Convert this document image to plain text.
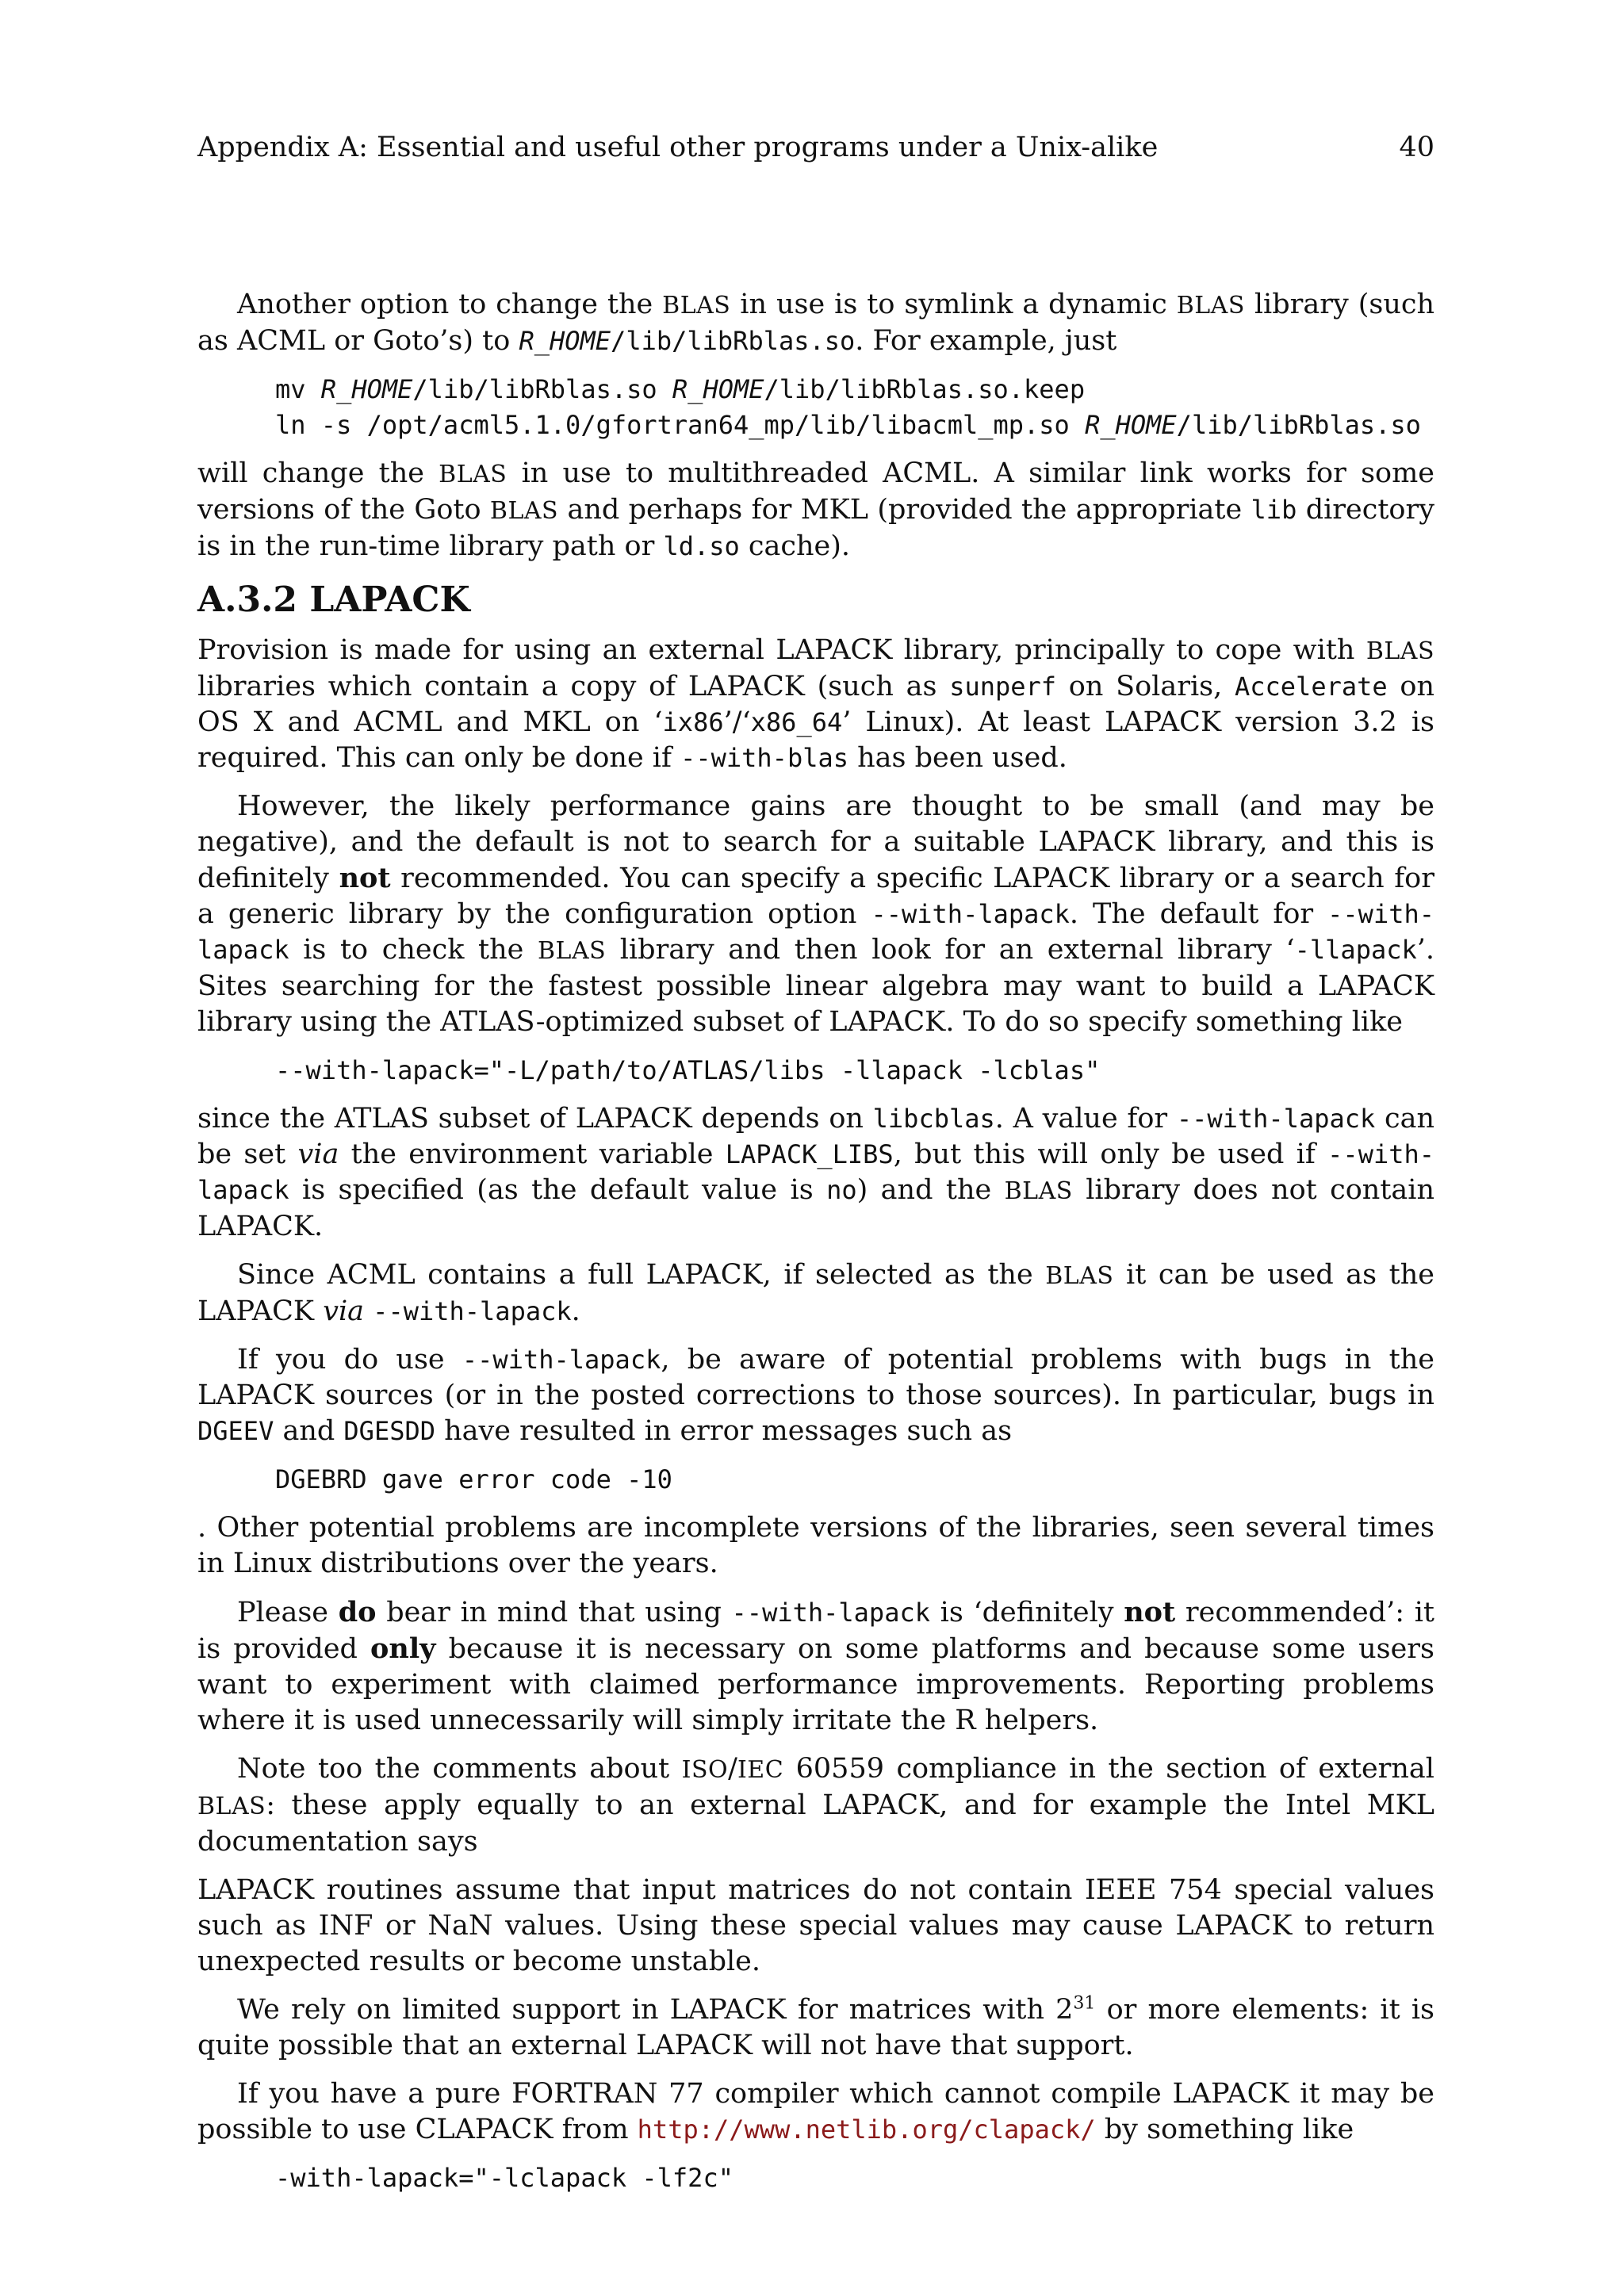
Appendix A: Essential and useful other programs under a Unix-alike	40

Another option to change the BLAS in use is to symlink a dynamic BLAS library (such as ACML or Goto’s) to R_HOME/lib/libRblas.so. For example, just

mv R_HOME/lib/libRblas.so R_HOME/lib/libRblas.so.keep
ln -s /opt/acml5.1.0/gfortran64_mp/lib/libacml_mp.so R_HOME/lib/libRblas.so

will change the BLAS in use to multithreaded ACML. A similar link works for some versions of the Goto BLAS and perhaps for MKL (provided the appropriate lib directory is in the run-time library path or ld.so cache).

A.3.2 LAPACK

Provision is made for using an external LAPACK library, principally to cope with BLAS libraries which contain a copy of LAPACK (such as sunperf on Solaris, Accelerate on OS X and ACML and MKL on ‘ix86’/‘x86_64’ Linux). At least LAPACK version 3.2 is required. This can only be done if --with-blas has been used.

However, the likely performance gains are thought to be small (and may be negative), and the default is not to search for a suitable LAPACK library, and this is definitely not recommended. You can specify a specific LAPACK library or a search for a generic library by the configuration option --with-lapack. The default for --with-lapack is to check the BLAS library and then look for an external library ‘-llapack’. Sites searching for the fastest possible linear algebra may want to build a LAPACK library using the ATLAS-optimized subset of LAPACK. To do so specify something like

--with-lapack="-L/path/to/ATLAS/libs -llapack -lcblas"

since the ATLAS subset of LAPACK depends on libcblas. A value for --with-lapack can be set via the environment variable LAPACK_LIBS, but this will only be used if --with-lapack is specified (as the default value is no) and the BLAS library does not contain LAPACK.

Since ACML contains a full LAPACK, if selected as the BLAS it can be used as the LAPACK via --with-lapack.

If you do use --with-lapack, be aware of potential problems with bugs in the LAPACK sources (or in the posted corrections to those sources). In particular, bugs in DGEEV and DGESDD have resulted in error messages such as

DGEBRD gave error code -10

. Other potential problems are incomplete versions of the libraries, seen several times in Linux distributions over the years.

Please do bear in mind that using --with-lapack is ‘definitely not recommended’: it is provided only because it is necessary on some platforms and because some users want to experiment with claimed performance improvements. Reporting problems where it is used unnecessarily will simply irritate the R helpers.

Note too the comments about ISO/IEC 60559 compliance in the section of external BLAS: these apply equally to an external LAPACK, and for example the Intel MKL documentation says

LAPACK routines assume that input matrices do not contain IEEE 754 special values such as INF or NaN values. Using these special values may cause LAPACK to return unexpected results or become unstable.

We rely on limited support in LAPACK for matrices with $2^{31}$ or more elements: it is quite possible that an external LAPACK will not have that support.

If you have a pure FORTRAN 77 compiler which cannot compile LAPACK it may be possible to use CLAPACK from http://www.netlib.org/clapack/ by something like

-with-lapack="-lclapack -lf2c"
